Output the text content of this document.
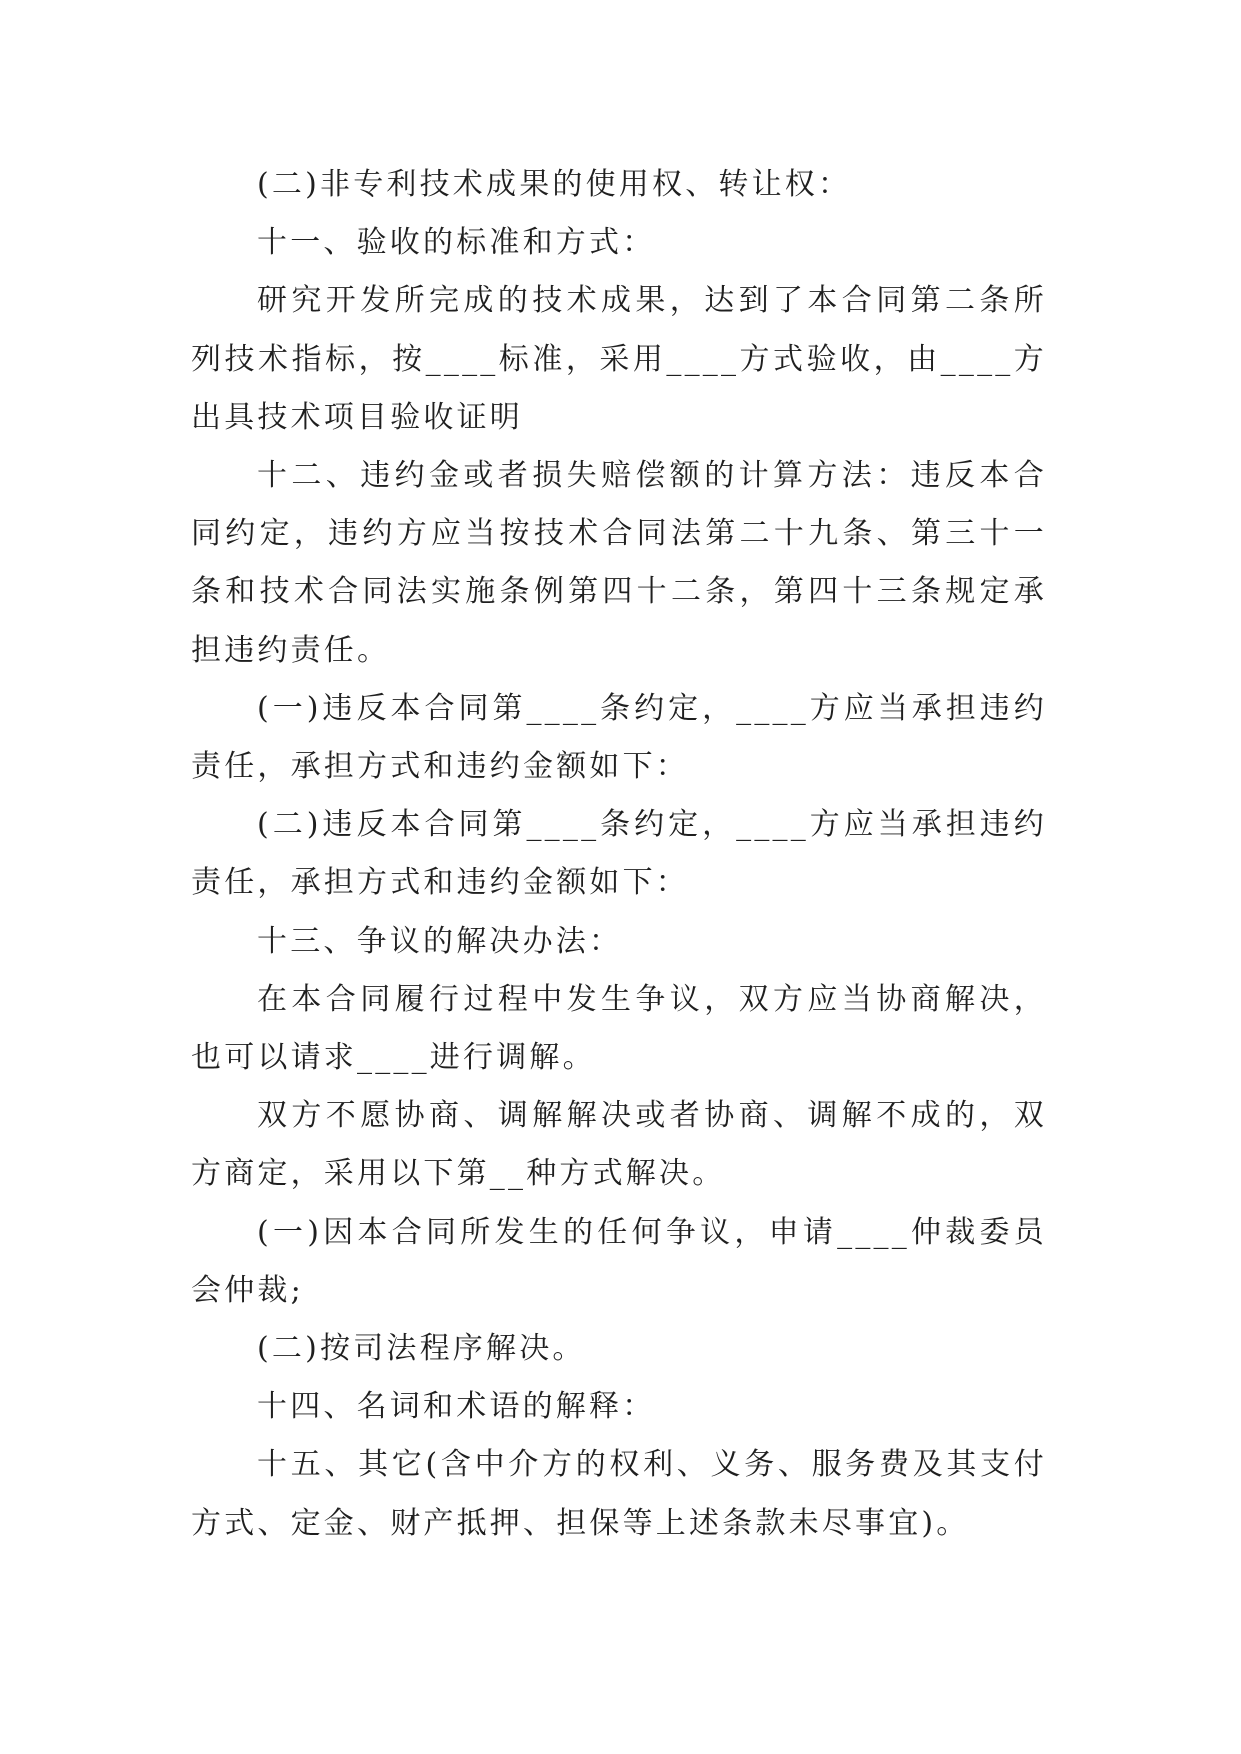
(二)非专利技术成果的使用权、转让权：

十一、验收的标准和方式：

研究开发所完成的技术成果，达到了本合同第二条所列技术指标，按____标准，采用____方式验收，由____方出具技术项目验收证明

十二、违约金或者损失赔偿额的计算方法：违反本合同约定，违约方应当按技术合同法第二十九条、第三十一条和技术合同法实施条例第四十二条，第四十三条规定承担违约责任。

(一)违反本合同第____条约定，____方应当承担违约责任，承担方式和违约金额如下：

(二)违反本合同第____条约定，____方应当承担违约责任，承担方式和违约金额如下：

十三、争议的解决办法：

在本合同履行过程中发生争议，双方应当协商解决，也可以请求____进行调解。

双方不愿协商、调解解决或者协商、调解不成的，双方商定，采用以下第__种方式解决。

(一)因本合同所发生的任何争议，申请____仲裁委员会仲裁;

(二)按司法程序解决。

十四、名词和术语的解释：

十五、其它(含中介方的权利、义务、服务费及其支付方式、定金、财产抵押、担保等上述条款未尽事宜)。
